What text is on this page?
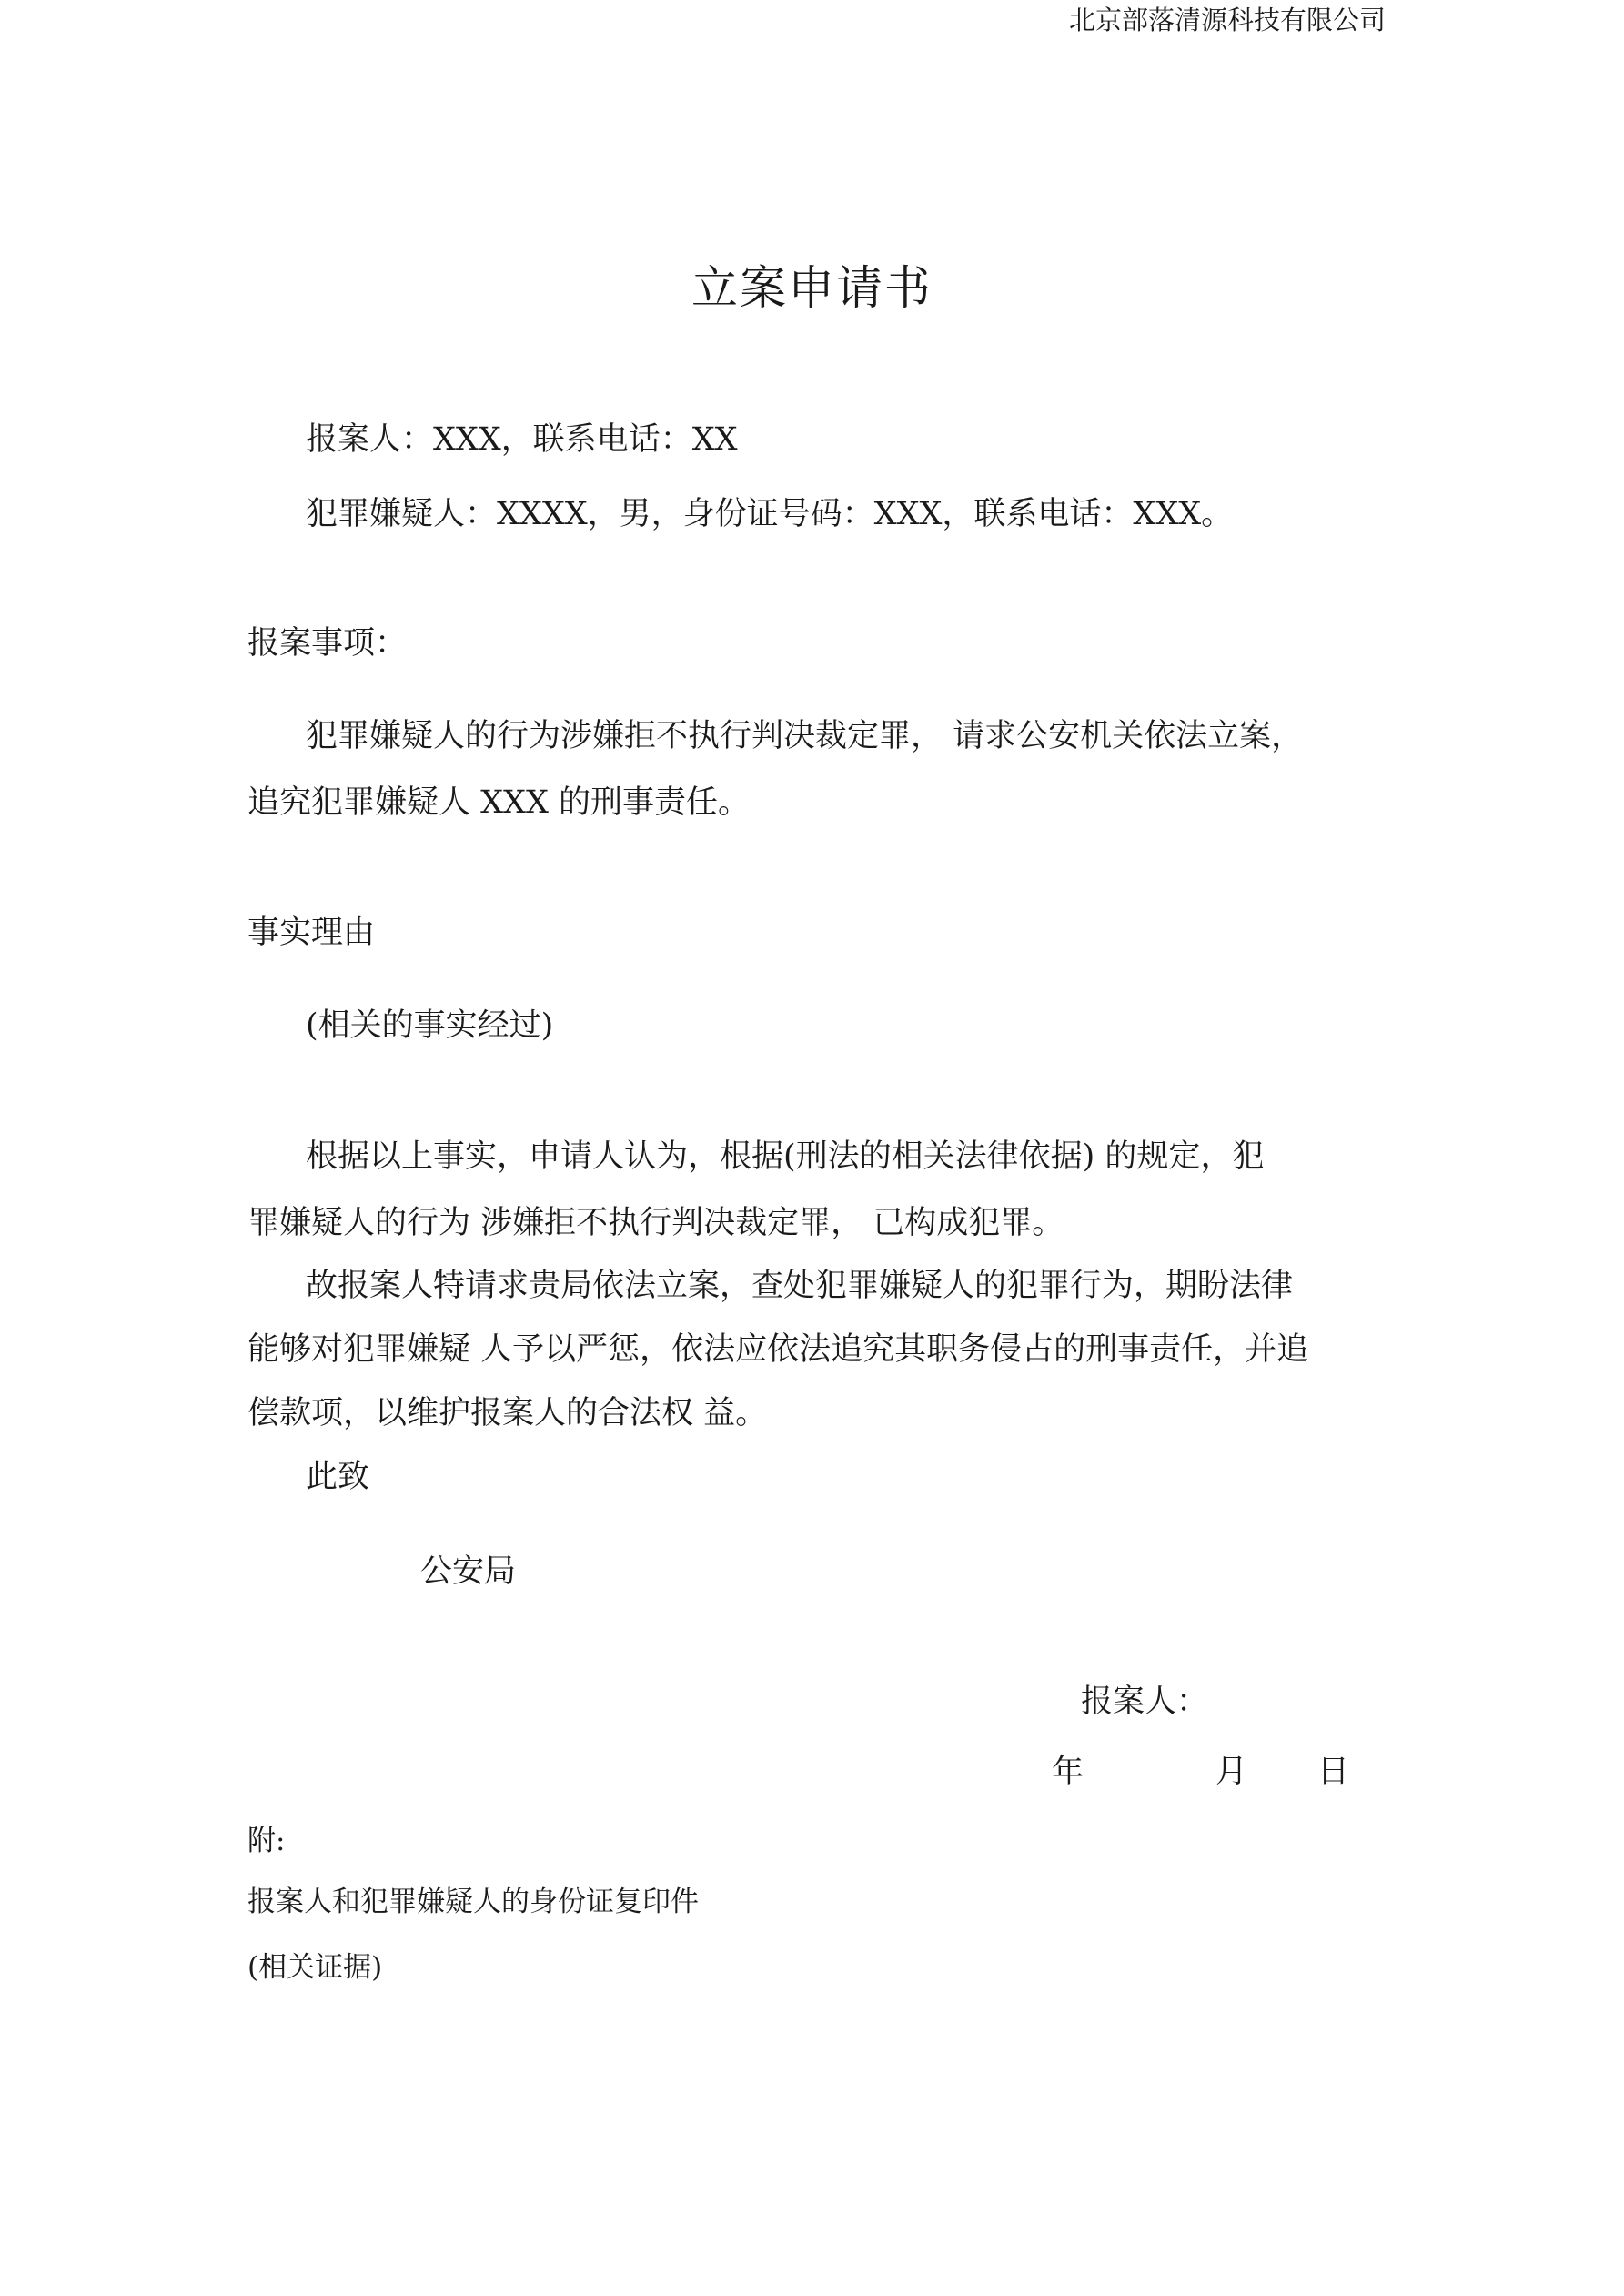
北京部落清源科技有限公司
立案申请书
报案人：XXX，联系电话：XX
犯罪嫌疑人：XXXX，男，身份证号码：XXX，联系电话：XXX。
报案事项：
犯罪嫌疑人的行为涉嫌拒不执行判决裁定罪， 请求公安机关依法立案，
追究犯罪嫌疑人 XXX 的刑事责任。
事实理由
(相关的事实经过)
根据以上事实，申请人认为，根据(刑法的相关法律依据) 的规定，犯
罪嫌疑人的行为 涉嫌拒不执行判决裁定罪， 已构成犯罪。
故报案人特请求贵局依法立案，查处犯罪嫌疑人的犯罪行为，期盼法律
能够对犯罪嫌疑 人予以严惩，依法应依法追究其职务侵占的刑事责任，并追
偿款项，以维护报案人的合法权 益。
此致
公安局
报案人：
年	月 日
附:
报案人和犯罪嫌疑人的身份证复印件
(相关证据)
